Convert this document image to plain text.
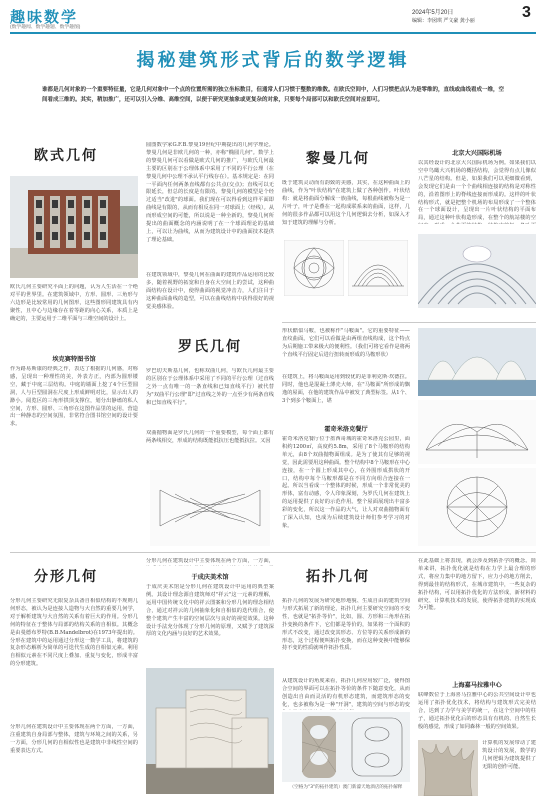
趣味数学
(数学趣闻、数学趣题、数学趣图)
2024年5月20日
编辑：李囡琪 严文豪 龚小丽	3
揭秘建筑形式背后的数学逻辑
谁都是几何对象的一个重要特征量，它是几何对象中一个点的位置所需的独立坐标数目，但通常人们习惯于整数的维数。在欧氏空间中，人们习惯把点认为是零维的，直线或曲线看成一维，空间看成三维的。其实，稍加推广，还可以引入分维、高维空间，以便于研究更抽象或更复杂的对象，只要每个局部可以和欧氏空间对应即可。
欧式几何
欧氏几何主要研究平面上的问题，认为人生活在一个绝对平的世界里。在建筑领域中，方形、圆形、三角形与六边形是比较常用的几何图形，这些图形同建筑具有内聚性，且中心与边缘存在着等距的向心关系，本质上是确定的，主要运用于二维平面与三维空间的设计上。
埃克赛特图书馆
作为路易斯康的经典之作，表达了根据的几何感，对称感，呈现出一种理性的美，外表方正，内部为圆形镂空，藏于中庭三层结构。中庭的墙面上挖了4个巨型圆洞，人与巨型圆洞在尺度上形成鲜明对比，显示出人的渺小。阅览区的三角形拱顶支撑位，划分出静谧的私人空间，方形、圆形、三角形在这图作品里的运用，营造出一种静态的空间氛围，非常符合图书馆空间的设计要求。
圆图数学家G.F.B.黎曼19世纪中期提出的几何学理论。黎曼几何是非欧几何的一种，亦称"椭圆几何"。数学上的黎曼几何可以看做是欧式几何的推广，与欧氏几何最主要的区别在于公理体系中采用了不同的平行公理（在黎曼几何中公理不承认平行线存在）。基本规定是：在同一平面内任何两条直线都有公共点(交点)；直线可以无限延长，但总的长度是有限的。黎曼几何的模型是个经过适当"改进"的球面。我们现在可以得看到这样平面即曲线是有限的，从而有相反在同一对球面上（经线）。从而形成空间的可能，所以说是一种全新的，黎曼几何所提出的曲面概念的内涵说明了在一个球面理论的基础上，可以让为曲线，从而为建筑设计中的曲面技术提供了理论基础。
在建筑领域中，黎曼几何在曲面的建筑作品运用的比较多，随着视野的拓宽和自身在大空间上的尝试，这种曲面结构在设计中，使得曲面的视觉冲击力，人们注目于这种曲面曲线的造型，可以在曲线结构中获得很好的视觉美感体验。
黎曼几何
既于建筑灵动而有韵致的美感，其实，在这种曲面上的曲线，作为"叶状结构"在建筑上做了各种创作。叶状结构：就是将曲面分解成一族曲线，每根曲线被称为是一片叶子，叶子是叠在一起构成联系来的曲面，这样，几何的很多作品都可以用这个几何逻辑去分析，如深入才知于建筑的理解与分析。
北京大兴国际机场
以其经设计的北京大兴国际机场为例。如果我们以空中鸟瞰大兴机场的概括结构，会觉得有点儿像似八芒星的结构。但是，如果我们可以更细微看到，会发现它们是由一个个曲线相连接的结构是对称性的，沿着图形上的脊线连接而形成的。这样的叶状结构形式，就是把整个机场的布局形成了一个整体在一个球面设计，呈现出一片叶状结构的平面布局，通过这种叶状构造形成，在整个的航站楼的空
罗氏几何
罗巴切夫斯基几何，也称双曲几何，与欧氏几何最主要的区别在于公理体系中采用了不同的平行公理（过直线之外一点有唯一的一条直线和已知直线平行）被代替为"双曲平行公理"即"过直线之外的一点至少有两条直线和已知直线平行"。
双曲抛物面是罗氏几何的一个重要模型，每个面上都有两条线相交，形成的结构既能抵抗压也能抵抗拉。又因
形状酷似马鞍，也被称作"马鞍面"。它的重要特征——直纹曲面。它们可以看做是由两组直线构成，这个特点为后期施工带来极大的便利性。（我们可将它看作是将两个直线平行固定后进行扭转而形成的马鞍形状）
在建筑上，将马鞍面运用到较优的是菲利克斯·坎德拉。同时，他也是混凝土薄壳大师，在"马鞍面"所形成的飘逸的屋面，在他的建筑作品中被发了典型标签。从1个、3个到多个鞍面上，堪
霍奇米洛克餐厅
霍奇米洛克餐厅位于墨西哥城的霍奇米洛克公园里，面积约1200㎡，高度约5.8m，采用了8个马鞍形的结构单元，由8个双曲抛物面组成。是为了使其有足够的视觉，因此需要用这种曲面。整个结构中8个马鞍形在中心连接，在一个圆上形成其中心，在外围形成拱状的开口，结构中每个马鞍形都是在不同方向组合连接在一起。所以当看成一个整体的时候，形成一个非常优美的形体，富有动感，令人印象深刻，为罗氏几何在建筑上的运用提供了良好的示范作用。整个屋面展现出丰富多彩的变化，所以这一作品的大气，让人对双曲抛物面有了深入认知，也成为后续建筑设计师们参考学习的对象。
分形几何
分形几何主要研究无限复杂具备自相似结构的不规则几何形态，被认为是连接人造物与大自然的重要几何学，对于解析建筑与大自然的关系有着巨大的作用。分形几何的特征在于整体与局部的结构关系的自相似。其概念是由曼德布罗特(B.B.Mandelbrot)在1973年提出的。分形在建筑中的运用通过分形这一数学工具，将建筑的复杂形态解析为简单的可迭代生成的自相似元素。利用自相似元素在不同尺度上叠加、重复与变化，形成丰富的分形建筑。
分形几何在建筑设计中主要体现在两个方面，一方面，注重建筑自身局部与整体，建筑与环境之间的关系，另一方面，分形几何的自相似性也是建筑中非线性空间的重要表达方式。
分形几何在建筑设计中主要体现在两个方面，一方面，
于成庆美术馆
于成庆美术馆是分形几何在建筑设计中运用的典型案例。其设计理念源自建筑师对"祥云"这一元素的理解，运用中国传统文化中的祥云图案和分形几何的理念相结合，通过对祥云的几何抽象化和自相似的迭代组合，使整个建筑产生丰富的空间层次与良好的视觉效果。这种设计手法充分体现了分形几何的原理，又赋予了建筑深厚的文化内涵与良好的艺术效果。
拓扑几何
拓扑几何的发展为研究地形地貌、生成自由的建筑空间与形式拓展了新的理论，拓扑几何主要研究空间的不变性，也就是"拓扑等价"，比如，圆、方形和三角形在拓扑变换的条件下，它们都是等价的，如果将一个面积的形式不改变，通过改变其形态、方位等的关系形成新的形态，这个过程便叫拓扑变换，而在这种变换中能够保持不变的性质就叫作拓扑性质。
从建筑设计的角度来看，拓扑几何应用较广泛，使得图合空间的界面可以在拓扑等价的条件下随意变化，从而创造出自由而灵活的有机形态建筑，而建筑形态的变化，也多被称为是一种"开洞"，建筑的空间与形态的变
（空格为"3"的拓扑建筑）澳门新濠天地酒店的拓扑解释
在此基础上将表现，就会涉及到拓扑学的概念。简单来讲，拓扑优化就是结构在力学上最合理的形式，将应力集中的地方留下，应力小的地方削去，得到最佳的结构形式，在城市建筑中，一些复杂的拓扑结构，可以用拓扑优化的方法形成，新材料的研究、计算机技术的发展，使得拓扑建筑的实现成为可能。
上海嘉马拉雅中心
联峰数位于上海喜马拉雅中心的公共空间设计中也运用了拓扑优化技术，将结构与建筑形式完美结合，达到了力学与美学的统一，在这个空间中的柱子，通过拓扑优化后的形态具有有机的、自然生长般的感觉，形成了如同森林一般的空间效果。
计算机的发展带动了建筑设计的发展，数学的几何逻辑为建筑提供了无限的创作可能。
